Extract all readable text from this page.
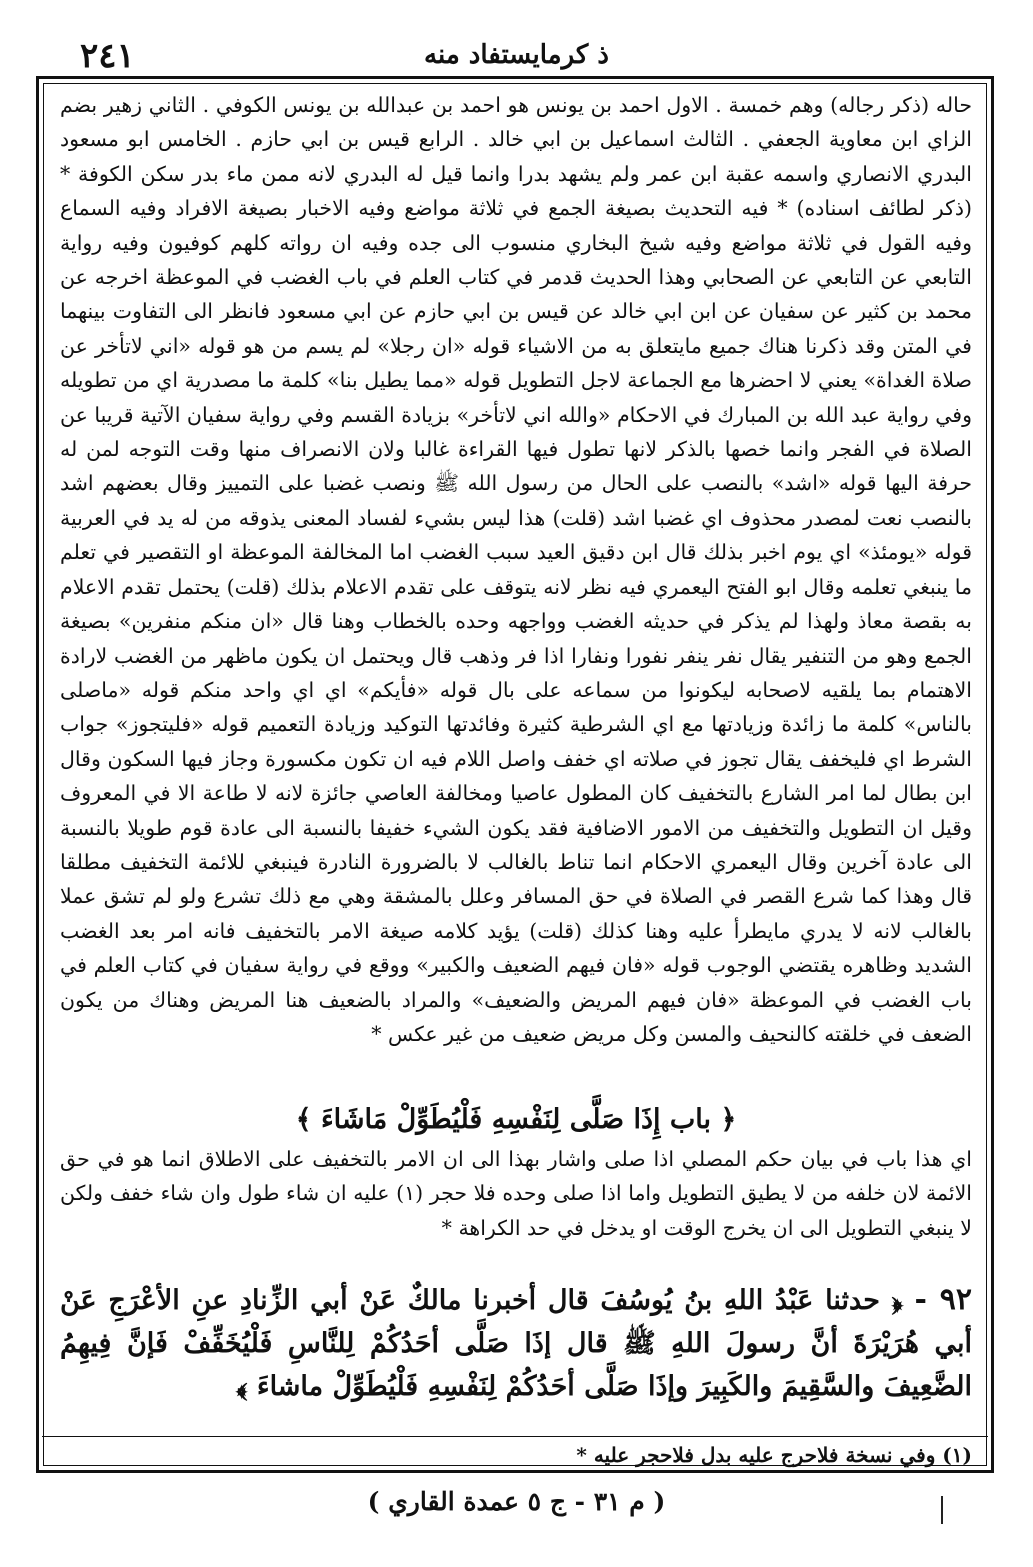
٢٤١	ذ كرمايستفاد منه

حاله (ذكر رجاله) وهم خمسة . الاول احمد بن يونس هو احمد بن عبدالله بن يونس الكوفي . الثاني زهير بضم الزاي ابن معاوية الجعفي . الثالث اسماعيل بن ابي خالد . الرابع قيس بن ابي حازم . الخامس ابو مسعود البدري الانصاري واسمه عقبة ابن عمر ولم يشهد بدرا وانما قيل له البدري لانه ممن ماء بدر سكن الكوفة * (ذكر لطائف اسناده) * فيه التحديث بصيغة الجمع في ثلاثة مواضع وفيه الاخبار بصيغة الافراد وفيه السماع وفيه القول في ثلاثة مواضع وفيه شيخ البخاري منسوب الى جده وفيه ان رواته كلهم كوفيون وفيه رواية التابعي عن التابعي عن الصحابي وهذا الحديث قدمر في كتاب العلم في باب الغضب في الموعظة اخرجه عن محمد بن كثير عن سفيان عن ابن ابي خالد عن قيس بن ابي حازم عن ابي مسعود فانظر الى التفاوت بينهما في المتن وقد ذكرنا هناك جميع مايتعلق به من الاشياء قوله «ان رجلا» لم يسم من هو قوله «اني لاتأخر عن صلاة الغداة» يعني لا احضرها مع الجماعة لاجل التطويل قوله «مما يطيل بنا» كلمة ما مصدرية اي من تطويله وفي رواية عبد الله بن المبارك في الاحكام «والله اني لاتأخر» بزيادة القسم وفي رواية سفيان الآتية قريبا عن الصلاة في الفجر وانما خصها بالذكر لانها تطول فيها القراءة غالبا ولان الانصراف منها وقت التوجه لمن له حرفة اليها قوله «اشد» بالنصب على الحال من رسول الله ﷺ ونصب غضبا على التمييز وقال بعضهم اشد بالنصب نعت لمصدر محذوف اي غضبا اشد (قلت) هذا ليس بشيء لفساد المعنى يذوقه من له يد في العربية قوله «يومئذ» اي يوم اخبر بذلك قال ابن دقيق العيد سبب الغضب اما المخالفة الموعظة او التقصير في تعلم ما ينبغي تعلمه وقال ابو الفتح اليعمري فيه نظر لانه يتوقف على تقدم الاعلام بذلك (قلت) يحتمل تقدم الاعلام به بقصة معاذ ولهذا لم يذكر في حديثه الغضب وواجهه وحده بالخطاب وهنا قال «ان منكم منفرين» بصيغة الجمع وهو من التنفير يقال نفر ينفر نفورا ونفارا اذا فر وذهب قال ويحتمل ان يكون ماظهر من الغضب لارادة الاهتمام بما يلقيه لاصحابه ليكونوا من سماعه على بال قوله «فأيكم» اي اي واحد منكم قوله «ماصلى بالناس» كلمة ما زائدة وزيادتها مع اي الشرطية كثيرة وفائدتها التوكيد وزيادة التعميم قوله «فليتجوز» جواب الشرط اي فليخفف يقال تجوز في صلاته اي خفف واصل اللام فيه ان تكون مكسورة وجاز فيها السكون وقال ابن بطال لما امر الشارع بالتخفيف كان المطول عاصيا ومخالفة العاصي جائزة لانه لا طاعة الا في المعروف وقيل ان التطويل والتخفيف من الامور الاضافية فقد يكون الشيء خفيفا بالنسبة الى عادة قوم طويلا بالنسبة الى عادة آخرين وقال اليعمري الاحكام انما تناط بالغالب لا بالضرورة النادرة فينبغي للائمة التخفيف مطلقا قال وهذا كما شرع القصر في الصلاة في حق المسافر وعلل بالمشقة وهي مع ذلك تشرع ولو لم تشق عملا بالغالب لانه لا يدري مايطرأ عليه وهنا كذلك (قلت) يؤيد كلامه صيغة الامر بالتخفيف فانه امر بعد الغضب الشديد وظاهره يقتضي الوجوب قوله «فان فيهم الضعيف والكبير» ووقع في رواية سفيان في كتاب العلم في باب الغضب في الموعظة «فان فيهم المريض والضعيف» والمراد بالضعيف هنا المريض وهناك من يكون الضعف في خلقته كالنحيف والمسن وكل مريض ضعيف من غير عكس *

﴿ باب إِذَا صَلَّى لِنَفْسِهِ فَلْيُطَوِّلْ مَاشَاءَ ﴾

اي هذا باب في بيان حكم المصلي اذا صلى واشار بهذا الى ان الامر بالتخفيف على الاطلاق انما هو في حق الائمة لان خلفه من لا يطيق التطويل واما اذا صلى وحده فلا حجر (١) عليه ان شاء طول وان شاء خفف ولكن لا ينبغي التطويل الى ان يخرج الوقت او يدخل في حد الكراهة *

٩٢ - ﴿ حدثنا عَبْدُ اللهِ بنُ يُوسُفَ قال أخبرنا مالكٌ عَنْ أبي الزِّنادِ عنِ الأعْرَجِ عَنْ أبي هُرَيْرَةَ أنَّ رسولَ اللهِ ﷺ قال إذَا صَلَّى أحَدُكُمْ لِلنَّاسِ فَلْيُخَفِّفْ فَإنَّ فِيهِمُ الضَّعِيفَ والسَّقِيمَ والكَبِيرَ وإذَا صَلَّى أحَدُكُمْ لِنَفْسِهِ فَلْيُطَوِّلْ ماشاءَ ﴾

(١) وفي نسخة فلاحرج عليه بدل فلاحجر عليه *
( م ٣١ - ج ٥ عمدة القاري )
